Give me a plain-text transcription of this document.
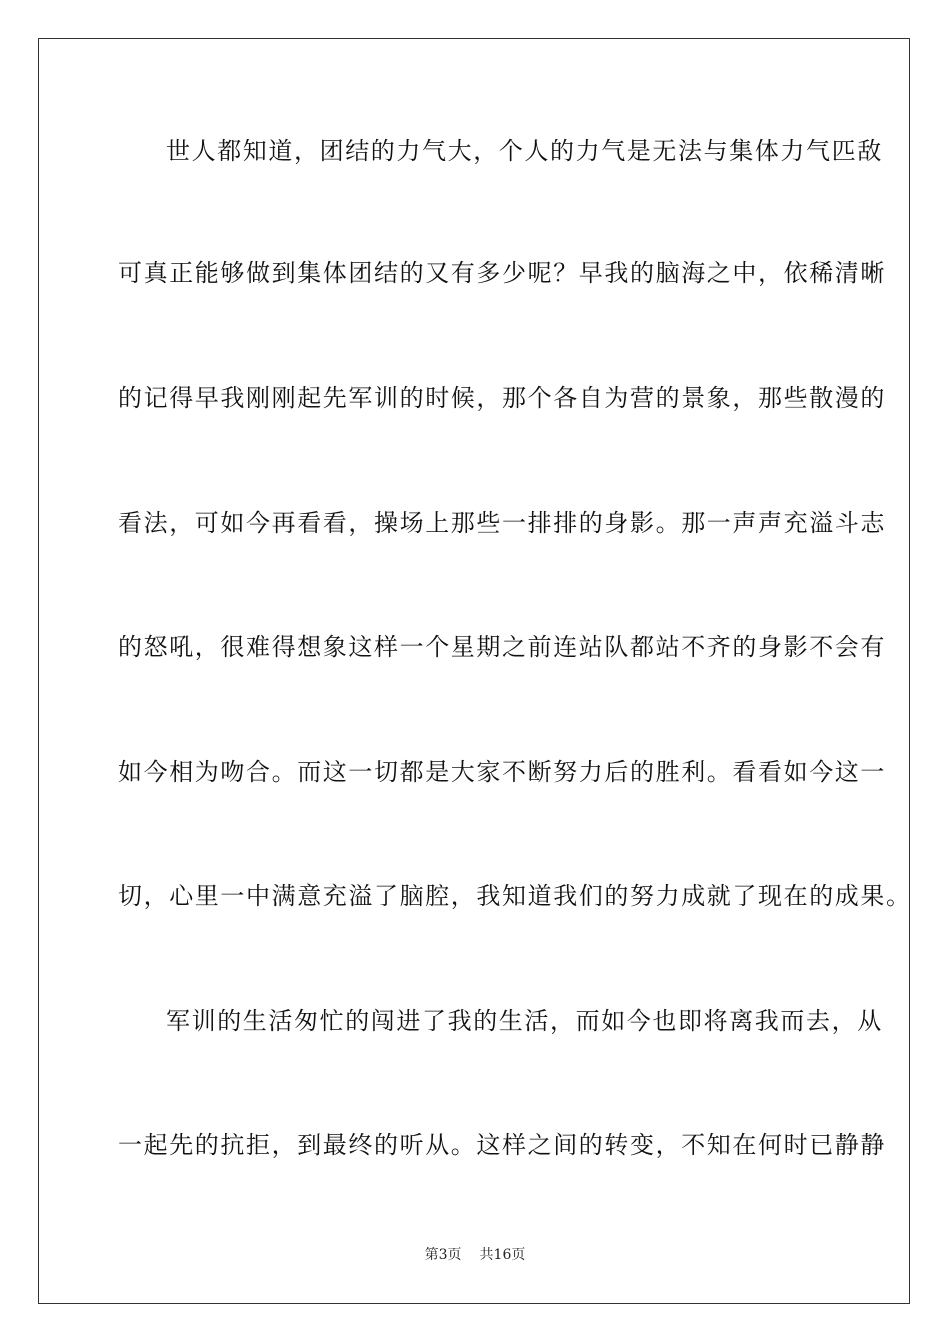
世人都知道，团结的力气大，个人的力气是无法与集体力气匹敌
可真正能够做到集体团结的又有多少呢？早我的脑海之中，依稀清晰
的记得早我刚刚起先军训的时候，那个各自为营的景象，那些散漫的
看法，可如今再看看，操场上那些一排排的身影。那一声声充溢斗志
的怒吼，很难得想象这样一个星期之前连站队都站不齐的身影不会有
如今相为吻合。而这一切都是大家不断努力后的胜利。看看如今这一
切，心里一中满意充溢了脑腔，我知道我们的努力成就了现在的成果。
军训的生活匆忙的闯进了我的生活，而如今也即将离我而去，从
一起先的抗拒，到最终的听从。这样之间的转变，不知在何时已静静
第3页 共16页
